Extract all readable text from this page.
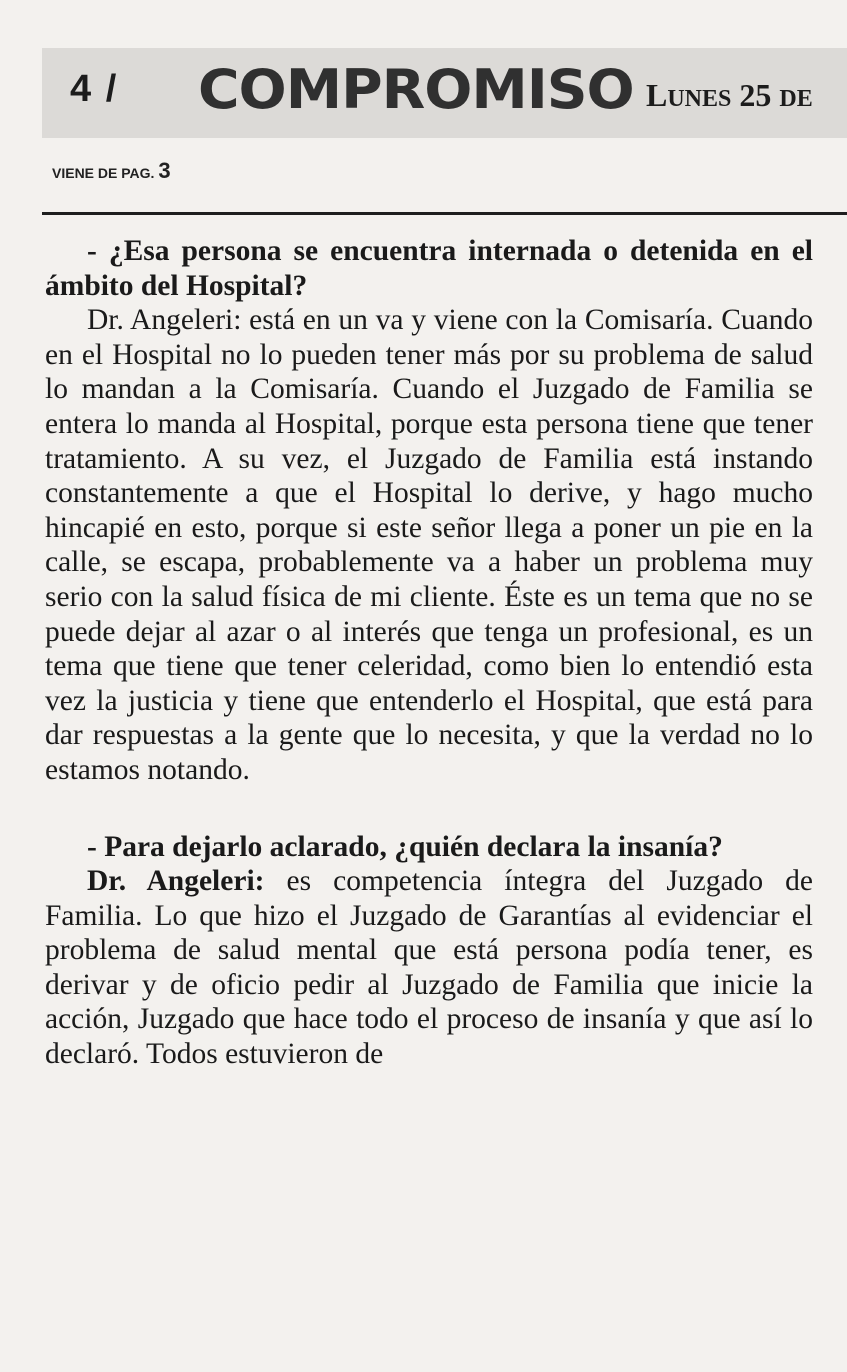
4 / COMPROMISO LUNES 25 DE
VIENE DE PAG. 3

- ¿Esa persona se encuentra internada o detenida en el ámbito del Hospital?

Dr. Angeleri: está en un va y viene con la Comisaría. Cuando en el Hospital no lo pueden tener más por su problema de salud lo mandan a la Comisaría. Cuando el Juzgado de Familia se entera lo manda al Hospital, porque esta persona tiene que tener tratamiento. A su vez, el Juzgado de Familia está instando constantemente a que el Hospital lo derive, y hago mucho hincapié en esto, porque si este señor llega a poner un pie en la calle, se escapa, probablemente va a haber un problema muy serio con la salud física de mi cliente. Éste es un tema que no se puede dejar al azar o al interés que tenga un profesional, es un tema que tiene que tener celeridad, como bien lo entendió esta vez la justicia y tiene que entenderlo el Hospital, que está para dar respuestas a la gente que lo necesita, y que la verdad no lo estamos notando.

- Para dejarlo aclarado, ¿quién declara la insanía?

Dr. Angeleri: es competencia íntegra del Juzgado de Familia. Lo que hizo el Juzgado de Garantías al evidenciar el problema de salud mental que está persona podía tener, es derivar y de oficio pedir al Juzgado de Familia que inicie la acción, Juzgado que hace todo el proceso de insanía y que así lo declaró. Todos estuvieron de
